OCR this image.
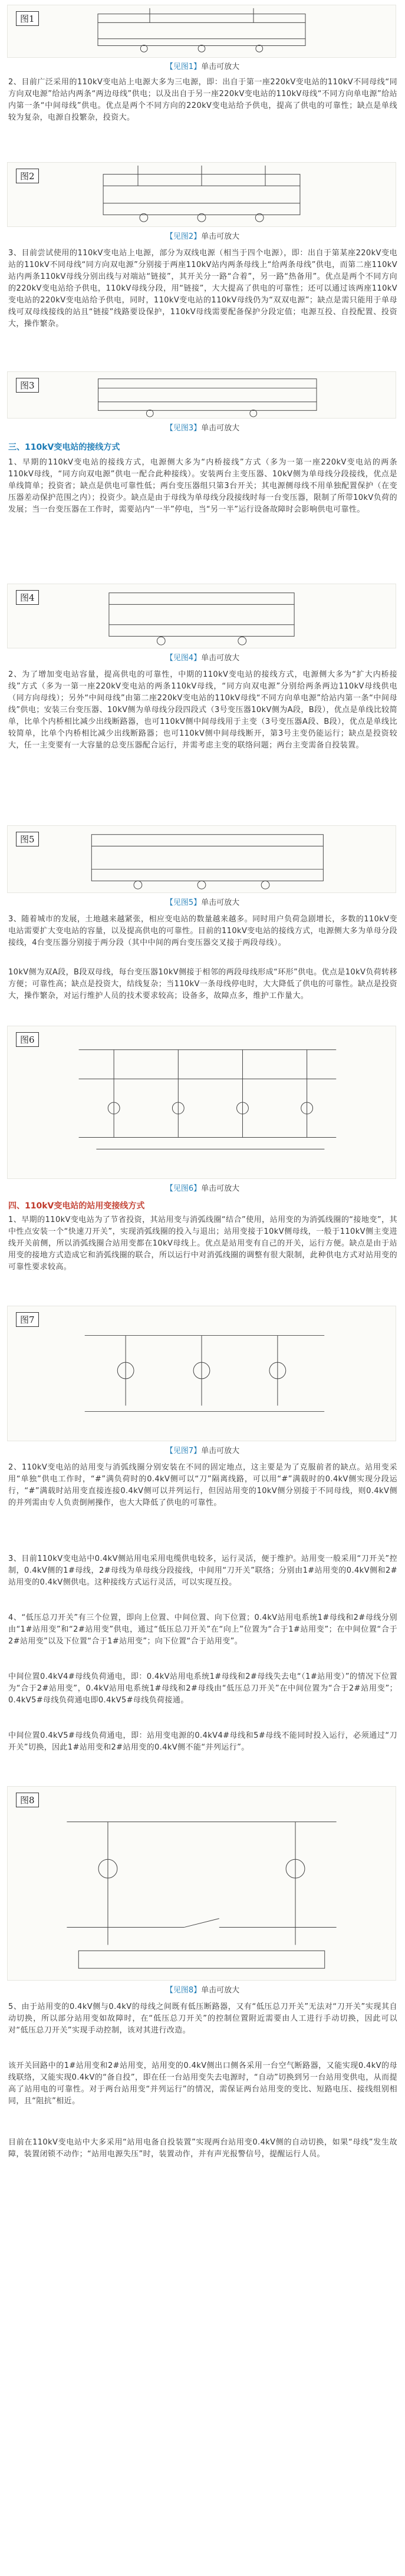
图1
【见图1】单击可放大
2、目前广泛采用的110kV变电站上电源大多为三电源，即：出自于第一座220kV变电站的110kV不同母线“同方向双电源”给站内两条“两边母线”供电；以及出自于另一座220kV变电站的110kV母线“不同方向单电源”给站内第一条“中间母线”供电。优点是两个不同方向的220kV变电站给予供电，提高了供电的可靠性；缺点是单线较为复杂，电源自投繁杂，投资大。
图2
【见图2】单击可放大
3、目前尝试使用的110kV变电站上电源，部分为双线电源（相当于四个电源），即：出自于第某座220kV变电站的110kV不同母线“同方向双电源”分别接于两座110kV站内两条母线上“给两条母线”供电，而第二座110kV站内两条110kV母线分别出线与对端站“链接”，其开关分一路“合着”，另一路“热备用”。优点是两个不同方向的220kV变电站给予供电，110kV母线分段，用“链接”，大大提高了供电的可靠性；还可以通过该两座110kV变电站的220kV变电站给予供电，同时，110kV变电站的110kV母线仍为“双双电源”；缺点是需只能用于单母线可双母线接线的站且“链接”线路要设保护，110kV母线需要配备保护分段定值；电源互投、自投配置、投资大，操作繁杂。
图3
【见图3】单击可放大
三、110kV变电站的接线方式
1、早期的110kV变电站的接线方式，电源侧大多为“内桥接线”方式（多为一第一座220kV变电站的两条110kV母线，“同方向双电源”供电一配合此种接线）。安装两台主变压器、10kV侧为单母线分段接线，优点是单线简单；投资省；缺点是供电可靠性低；两台变压器组只第3台开关；其电源侧母线不用单独配置保护（在变压器差动保护范围之内）；投资少。缺点是由于母线为单母线分段接线时每一台变压器，限制了所带10kV负荷的发展；当一台变压器在工作时，需要站内“一半”停电，当“另一半”运行设备故障时会影响供电可靠性。
图4
【见图4】单击可放大
2、为了增加变电站容量，提高供电的可靠性，中期的110kV变电站的接线方式，电源侧大多为“扩大内桥接线”方式（多为一第一座220kV变电站的两条110kV母线，“同方向双电源”分别给两条两边110kV母线供电（同方向母线）；另外“中间母线”由第二座220kV变电站的110kV母线“不同方向单电源”给站内第一条“中间母线”供电；安装三台变压器、10kV侧为单母线分段四段式（3号变压器10kV侧为A段，B段），优点是单线比较简单，比单个内桥相比减少出线断路器，也可110kV侧中间母线用于主变（3号变压器A段、B段），优点是单线比较简单，比单个内桥相比减少出线断路器；也可110kV侧中间母线断开，第3号主变仍能运行；缺点是投资较大，任一主变要有一大容量的总变压器配合运行，并需考虑主变的联络问题；两台主变需备自投装置。
图5
【见图5】单击可放大
3、随着城市的发展，土地越来越紧张，相应变电站的数量越来越多。同时用户负荷急剧增长，多数的110kV变电站需要扩大变电站的容量，以及提高供电的可靠性。目前的110kV变电站的接线方式，电源侧大多为单母分段接线，4台变压器分别接于两分段（其中中间的两台变压器交叉接于两段母线）。
10kV侧为双A段，B段双母线，每台变压器10kV侧接于相邻的两段母线形成“环形”供电。优点是10kV负荷转移方便；可靠性高；缺点是投资大，结线复杂；当110kV一条母线停电时，大大降低了供电的可靠性。缺点是投资大，操作繁杂，对运行维护人员的技术要求较高；设备多，故障点多，维护工作量大。
图6
【见图6】单击可放大
四、110kV变电站的站用变接线方式
1、早期的110kV变电站为了节省投资，其站用变与消弧线圈“结合”使用，站用变的为消弧线圈的“接地变”，其中性点安装一个“快速刀开关”，实现消弧线圈的投入与退出；站用变接于10kV侧母线，一般于110kV侧主变进线开关前侧，所以消弧线圈合站用变都在10kV母线上。优点是站用变有自己的开关，运行方便。缺点是由于站用变的接地方式造成它和消弧线圈的联合，所以运行中对消弧线圈的调整有很大限制，此种供电方式对站用变的可靠性要求较高。
图7
【见图7】单击可放大
2、110kV变电站的站用变与消弧线圈分别安装在不同的固定地点，这主要是为了克服前者的缺点。站用变采用“单独”供电工作时，“#”满负荷时的0.4kV侧可以“刀”隔离线路，可以用“#”满载时的0.4kV侧实现分段运行，“#”满载时站用变直接连接0.4kV侧可以并列运行，但因站用变的10kV侧分别接于不同母线，则0.4kV侧的并列需由专人负责倒闸操作，也大大降低了供电的可靠性。
3、目前110kV变电站中0.4kV侧站用电采用电缆供电较多，运行灵活，便于维护。站用变一般采用“刀开关”控制，0.4kV侧的1#母线，2#母线为单母线分段接线，中间用“刀开关”联络；分别由1#站用变的0.4kV侧和2#站用变的0.4kV侧供电。这种接线方式运行灵活，可以实现互投。
4、“低压总刀开关”有三个位置，即向上位置、中间位置、向下位置；0.4kV站用电系统1#母线和2#母线分别由“1#站用变”和“2#站用变”供电，通过“低压总刀开关”在“向上”位置为“合于1#站用变”；在中间位置“合于2#站用变”以及下位置“合于1#站用变”；向下位置“合于站用变”。
中间位置0.4kV4#母线负荷通电，即：0.4kV站用电系统1#母线和2#母线失去电“（1#站用变）”的情况下位置为“合于2#站用变”，0.4kV站用电系统1#母线和2#母线由“低压总刀开关”在中间位置为“合于2#站用变”；0.4kV5#母线负荷通电即0.4kV5#母线负荷接通。
中间位置0.4kV5#母线负荷通电，即：站用变电源的0.4kV4#母线和5#母线不能同时投入运行，必须通过“刀开关”切换，因此1#站用变和2#站用变的0.4kV侧不能“并列运行”。
图8
【见图8】单击可放大
5、由于站用变的0.4kV侧与0.4kV的母线之间既有低压断路器，又有“低压总刀开关”无法对“刀开关”实现其自动切换，所以部分站用变如故障时，在“低压总刀开关”的控制位置附近需要由人工进行手动切换，因此可以对“低压总刀开关”实现手动控制，该对其进行改造。
该开关回路中的1#站用变和2#站用变，站用变的0.4kV侧出口侧各采用一台空气断路器，又能实现0.4kV的母线联络，又能实现0.4kV的“备自投”，即在任一台站用变失去电源时，“自动”切换到另一台站用变供电，从而提高了站用电的可靠性。对于两台站用变“并列运行”的情况，需保证两台站用变的变比、短路电压、接线组别相同，且“阻抗”相近。
目前在110kV变电站中大多采用“站用电备自投装置”实现两台站用变0.4kV侧的自动切换，如果“母线”发生故障，装置闭锁不动作；“站用电源失压”时，装置动作，并有声光报警信号，提醒运行人员。
